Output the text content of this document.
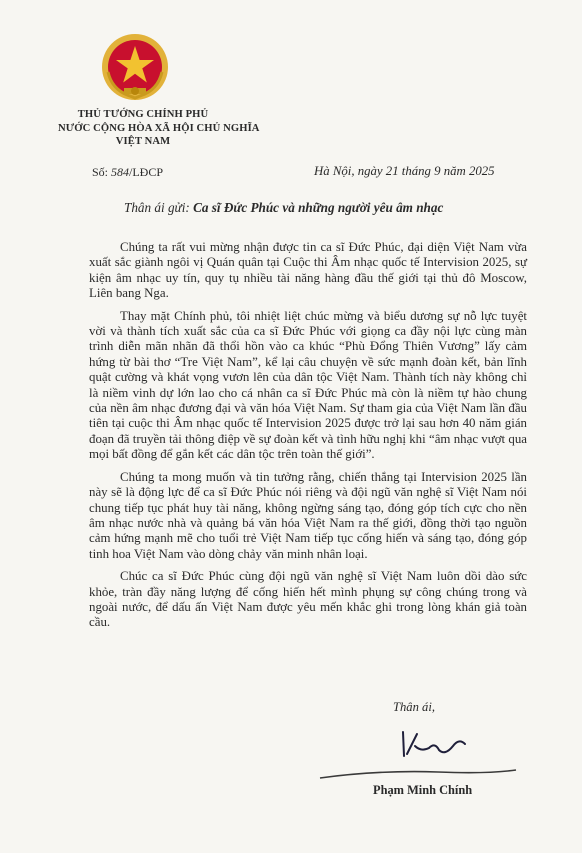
THỦ TƯỚNG CHÍNH PHỦ
NƯỚC CỘNG HÒA XÃ HỘI CHỦ NGHĨA
VIỆT NAM
Số: 584/LĐCP	Hà Nội, ngày 21 tháng 9 năm 2025
Thân ái gửi: Ca sĩ Đức Phúc và những người yêu âm nhạc

Chúng ta rất vui mừng nhận được tin ca sĩ Đức Phúc, đại diện Việt Nam vừa xuất sắc giành ngôi vị Quán quân tại Cuộc thi Âm nhạc quốc tế Intervision 2025, sự kiện âm nhạc uy tín, quy tụ nhiều tài năng hàng đầu thế giới tại thủ đô Moscow, Liên bang Nga.

Thay mặt Chính phủ, tôi nhiệt liệt chúc mừng và biểu dương sự nỗ lực tuyệt vời và thành tích xuất sắc của ca sĩ Đức Phúc với giọng ca đầy nội lực cùng màn trình diễn mãn nhãn đã thổi hồn vào ca khúc “Phù Đổng Thiên Vương” lấy cảm hứng từ bài thơ “Tre Việt Nam”, kể lại câu chuyện về sức mạnh đoàn kết, bản lĩnh quật cường và khát vọng vươn lên của dân tộc Việt Nam. Thành tích này không chỉ là niềm vinh dự lớn lao cho cá nhân ca sĩ Đức Phúc mà còn là niềm tự hào chung của nền âm nhạc đương đại và văn hóa Việt Nam. Sự tham gia của Việt Nam lần đầu tiên tại cuộc thi Âm nhạc quốc tế Intervision 2025 được trở lại sau hơn 40 năm gián đoạn đã truyền tải thông điệp về sự đoàn kết và tình hữu nghị khi “âm nhạc vượt qua mọi bất đồng để gắn kết các dân tộc trên toàn thế giới”.

Chúng ta mong muốn và tin tưởng rằng, chiến thắng tại Intervision 2025 lần này sẽ là động lực để ca sĩ Đức Phúc nói riêng và đội ngũ văn nghệ sĩ Việt Nam nói chung tiếp tục phát huy tài năng, không ngừng sáng tạo, đóng góp tích cực cho nền âm nhạc nước nhà và quảng bá văn hóa Việt Nam ra thế giới, đồng thời tạo nguồn cảm hứng mạnh mẽ cho tuổi trẻ Việt Nam tiếp tục cống hiến và sáng tạo, đóng góp tinh hoa Việt Nam vào dòng chảy văn minh nhân loại.

Chúc ca sĩ Đức Phúc cùng đội ngũ văn nghệ sĩ Việt Nam luôn dồi dào sức khỏe, tràn đầy năng lượng để cống hiến hết mình phụng sự công chúng trong và ngoài nước, để dấu ấn Việt Nam được yêu mến khắc ghi trong lòng khán giả toàn cầu.

Thân ái,
Phạm Minh Chính
